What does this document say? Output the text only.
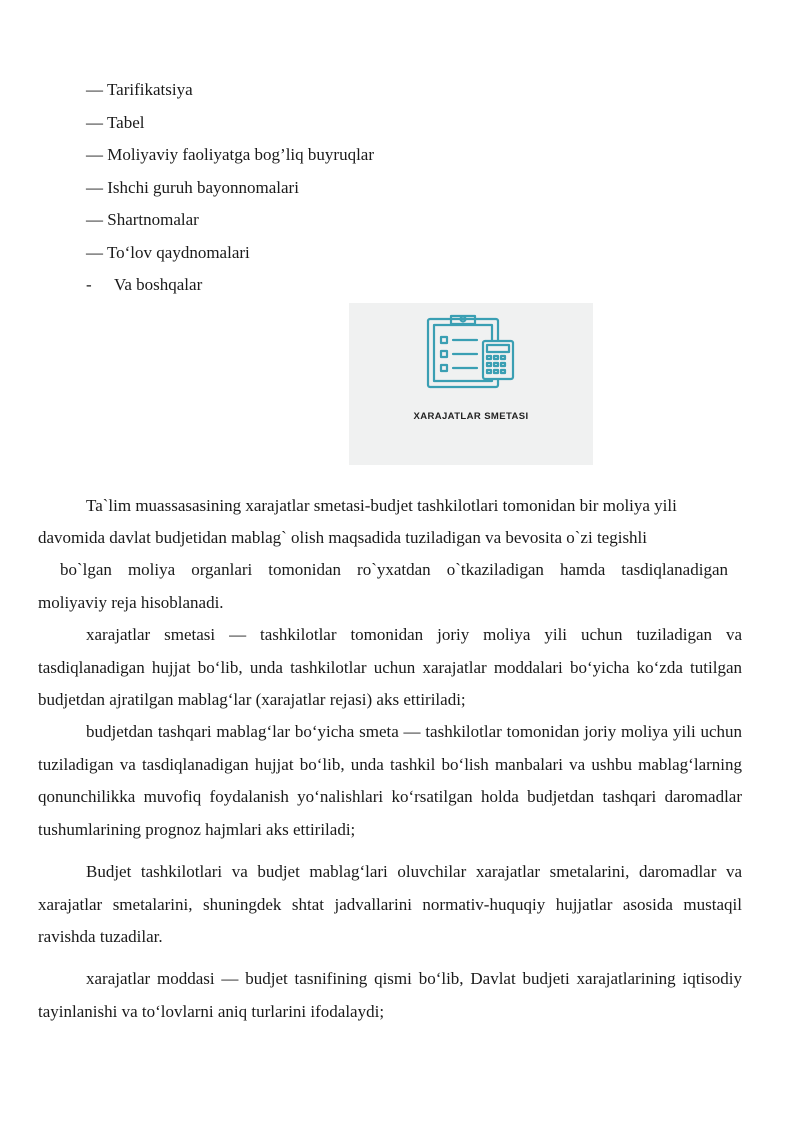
— Tarifikatsiya
— Tabel
— Moliyaviy faoliyatga bog’liq buyruqlar
— Ishchi guruh bayonnomalari
— Shartnomalar
— To‘lov qaydnomalari
- Va boshqalar
XARAJATLAR SMETASI

Ta`lim muassasasining xarajatlar smetasi-budjet tashkilotlari tomonidan bir moliya yili

davomida davlat budjetidan mablag` olish maqsadida tuziladigan va bevosita o`zi tegishli

bo`lgan moliya organlari tomonidan ro`yxatdan o`tkaziladigan hamda tasdiqlanadigan

moliyaviy reja hisoblanadi.

xarajatlar smetasi — tashkilotlar tomonidan joriy moliya yili uchun tuziladigan va tasdiqlanadigan hujjat bo‘lib, unda tashkilotlar uchun xarajatlar moddalari bo‘yicha ko‘zda tutilgan budjetdan ajratilgan mablag‘lar (xarajatlar rejasi) aks ettiriladi;

budjetdan tashqari mablag‘lar bo‘yicha smeta — tashkilotlar tomonidan joriy moliya yili uchun tuziladigan va tasdiqlanadigan hujjat bo‘lib, unda tashkil bo‘lish manbalari va ushbu mablag‘larning qonunchilikka muvofiq foydalanish yo‘nalishlari ko‘rsatilgan holda budjetdan tashqari daromadlar tushumlarining prognoz hajmlari aks ettiriladi;

Budjet tashkilotlari va budjet mablag‘lari oluvchilar xarajatlar smetalarini, daromadlar va xarajatlar smetalarini, shuningdek shtat jadvallarini normativ-huquqiy hujjatlar asosida mustaqil ravishda tuzadilar.

xarajatlar moddasi — budjet tasnifining qismi bo‘lib, Davlat budjeti xarajatlarining iqtisodiy tayinlanishi va to‘lovlarni aniq turlarini ifodalaydi;
